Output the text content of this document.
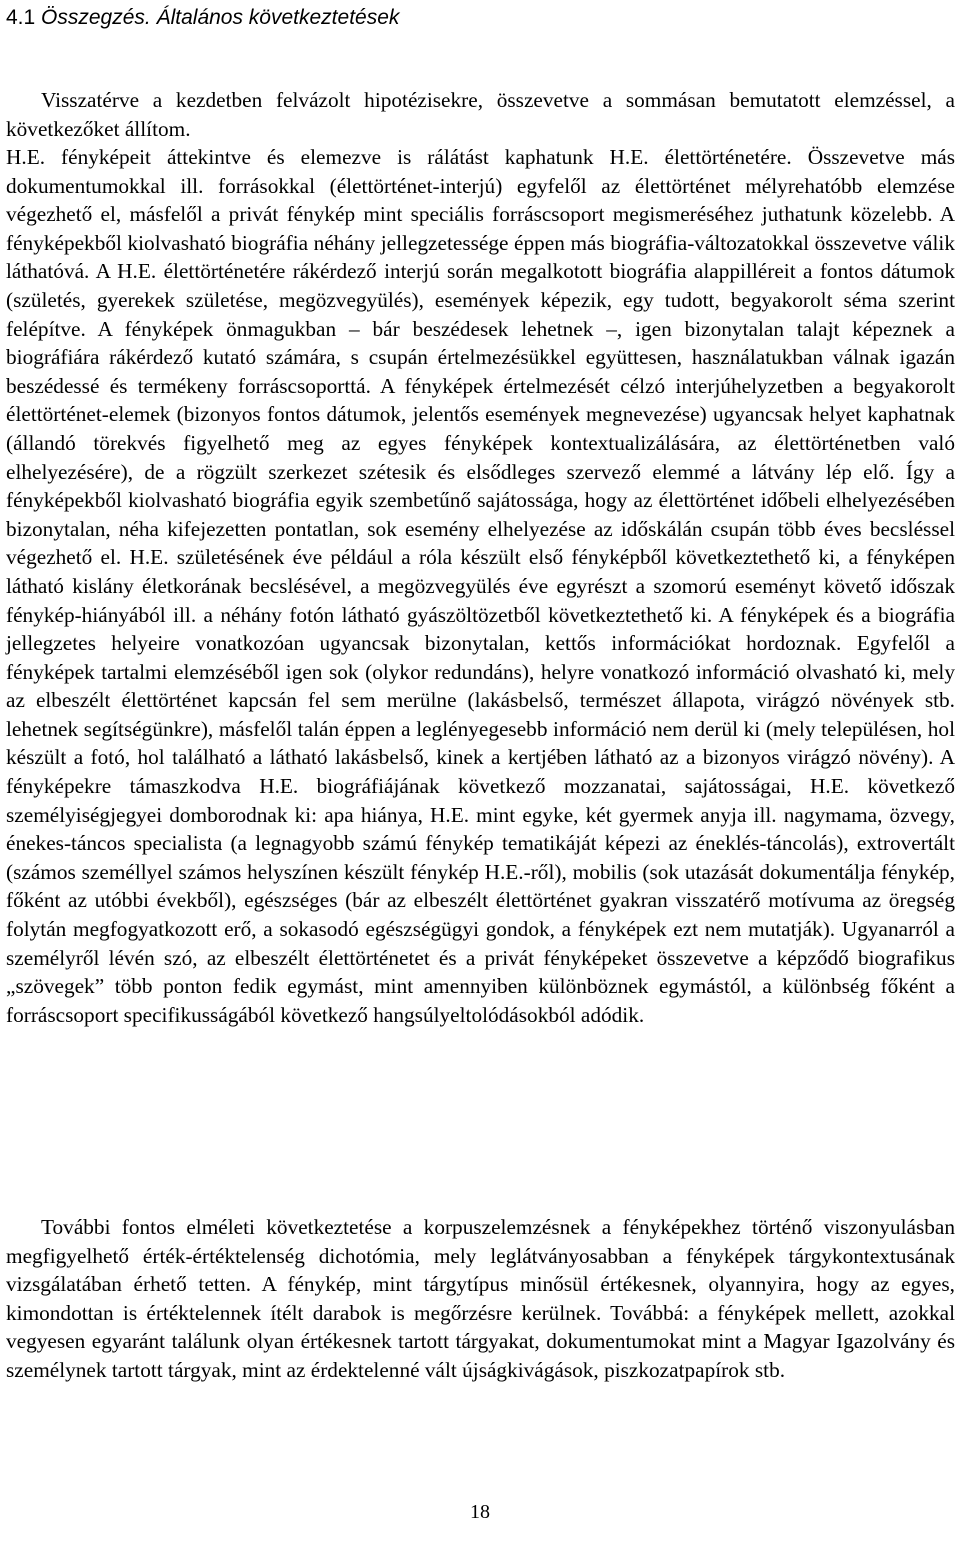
4.1 Összegzés. Általános következtetések

Visszatérve a kezdetben felvázolt hipotézisekre, összevetve a sommásan bemutatott elemzéssel, a következőket állítom.

H.E. fényképeit áttekintve és elemezve is rálátást kaphatunk H.E. élettörténetére. Összevetve más dokumentumokkal ill. forrásokkal (élettörténet-interjú) egyfelől az élettörténet mélyrehatóbb elemzése végezhető el, másfelől a privát fénykép mint speciális forráscsoport megismeréséhez juthatunk közelebb. A fényképekből kiolvasható biográfia néhány jellegzetessége éppen más biográfia-változatokkal összevetve válik láthatóvá. A H.E. élettörténetére rákérdező interjú során megalkotott biográfia alappilléreit a fontos dátumok (születés, gyerekek születése, megözvegyülés), események képezik, egy tudott, begyakorolt séma szerint felépítve. A fényképek önmagukban – bár beszédesek lehetnek –, igen bizonytalan talajt képeznek a biográfiára rákérdező kutató számára, s csupán értelmezésükkel együttesen, használatukban válnak igazán beszédessé és termékeny forráscsoporttá. A fényképek értelmezését célzó interjúhelyzetben a begyakorolt élettörténet-elemek (bizonyos fontos dátumok, jelentős események megnevezése) ugyancsak helyet kaphatnak (állandó törekvés figyelhető meg az egyes fényképek kontextualizálására, az élettörténetben való elhelyezésére), de a rögzült szerkezet szétesik és elsődleges szervező elemmé a látvány lép elő. Így a fényképekből kiolvasható biográfia egyik szembetűnő sajátossága, hogy az élettörténet időbeli elhelyezésében bizonytalan, néha kifejezetten pontatlan, sok esemény elhelyezése az időskálán csupán több éves becsléssel végezhető el. H.E. születésének éve például a róla készült első fényképből következtethető ki, a fényképen látható kislány életkorának becslésével, a megözvegyülés éve egyrészt a szomorú eseményt követő időszak fénykép-hiányából ill. a néhány fotón látható gyászöltözetből következtethető ki. A fényképek és a biográfia jellegzetes helyeire vonatkozóan ugyancsak bizonytalan, kettős információkat hordoznak. Egyfelől a fényképek tartalmi elemzéséből igen sok (olykor redundáns), helyre vonatkozó információ olvasható ki, mely az elbeszélt élettörténet kapcsán fel sem merülne (lakásbelső, természet állapota, virágzó növények stb. lehetnek segítségünkre), másfelől talán éppen a leglényegesebb információ nem derül ki (mely településen, hol készült a fotó, hol található a látható lakásbelső, kinek a kertjében látható az a bizonyos virágzó növény). A fényképekre támaszkodva H.E. biográfiájának következő mozzanatai, sajátosságai, H.E. következő személyiségjegyei domborodnak ki: apa hiánya, H.E. mint egyke, két gyermek anyja ill. nagymama, özvegy, énekes-táncos specialista (a legnagyobb számú fénykép tematikáját képezi az éneklés-táncolás), extrovertált (számos személlyel számos helyszínen készült fénykép H.E.-ről), mobilis (sok utazását dokumentálja fénykép, főként az utóbbi évekből), egészséges (bár az elbeszélt élettörténet gyakran visszatérő motívuma az öregség folytán megfogyatkozott erő, a sokasodó egészségügyi gondok, a fényképek ezt nem mutatják). Ugyanarról a személyről lévén szó, az elbeszélt élettörténetet és a privát fényképeket összevetve a képződő biografikus „szövegek” több ponton fedik egymást, mint amennyiben különböznek egymástól, a különbség főként a forráscsoport specifikusságából következő hangsúlyeltolódásokból adódik.

További fontos elméleti következtetése a korpuszelemzésnek a fényképekhez történő viszonyulásban megfigyelhető érték-értéktelenség dichotómia, mely leglátványosabban a fényképek tárgykontextusának vizsgálatában érhető tetten. A fénykép, mint tárgytípus minősül értékesnek, olyannyira, hogy az egyes, kimondottan is értéktelennek ítélt darabok is megőrzésre kerülnek. Továbbá: a fényképek mellett, azokkal vegyesen egyaránt találunk olyan értékesnek tartott tárgyakat, dokumentumokat mint a Magyar Igazolvány és személynek tartott tárgyak, mint az érdektelenné vált újságkivágások, piszkozatpapírok stb.

18
